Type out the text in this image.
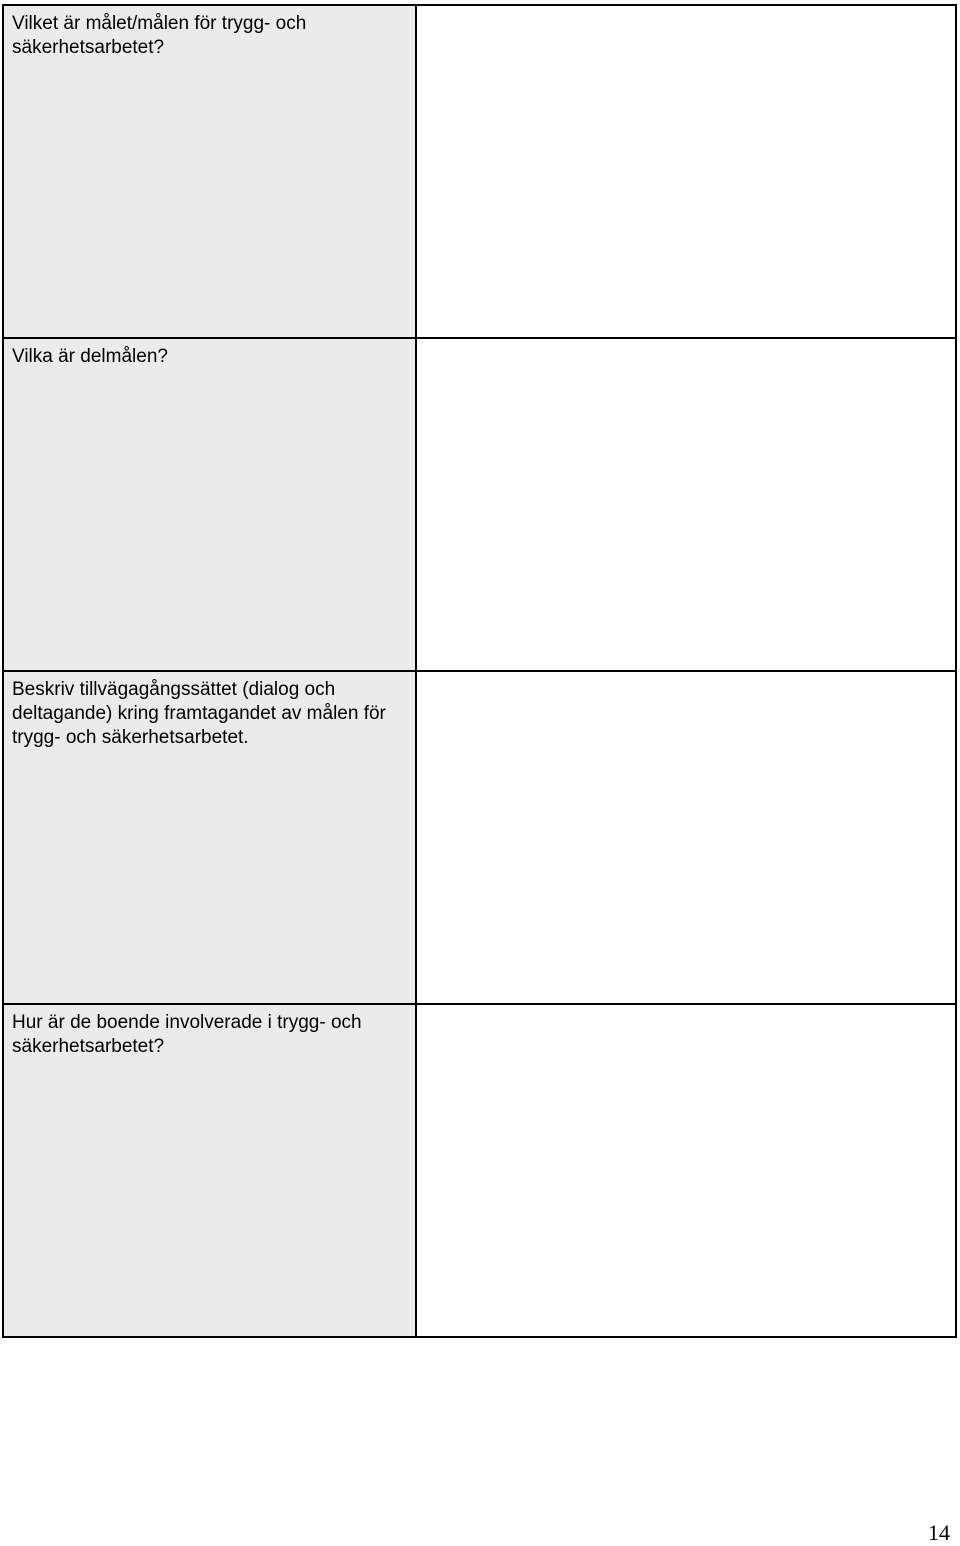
Vilket är målet/målen för trygg- och säkerhetsarbetet?	

Vilka är delmålen?	

Beskriv tillvägagångssättet (dialog och deltagande) kring framtagandet av målen för trygg- och säkerhetsarbetet.	

Hur är de boende involverade i trygg- och säkerhetsarbetet?	

14
